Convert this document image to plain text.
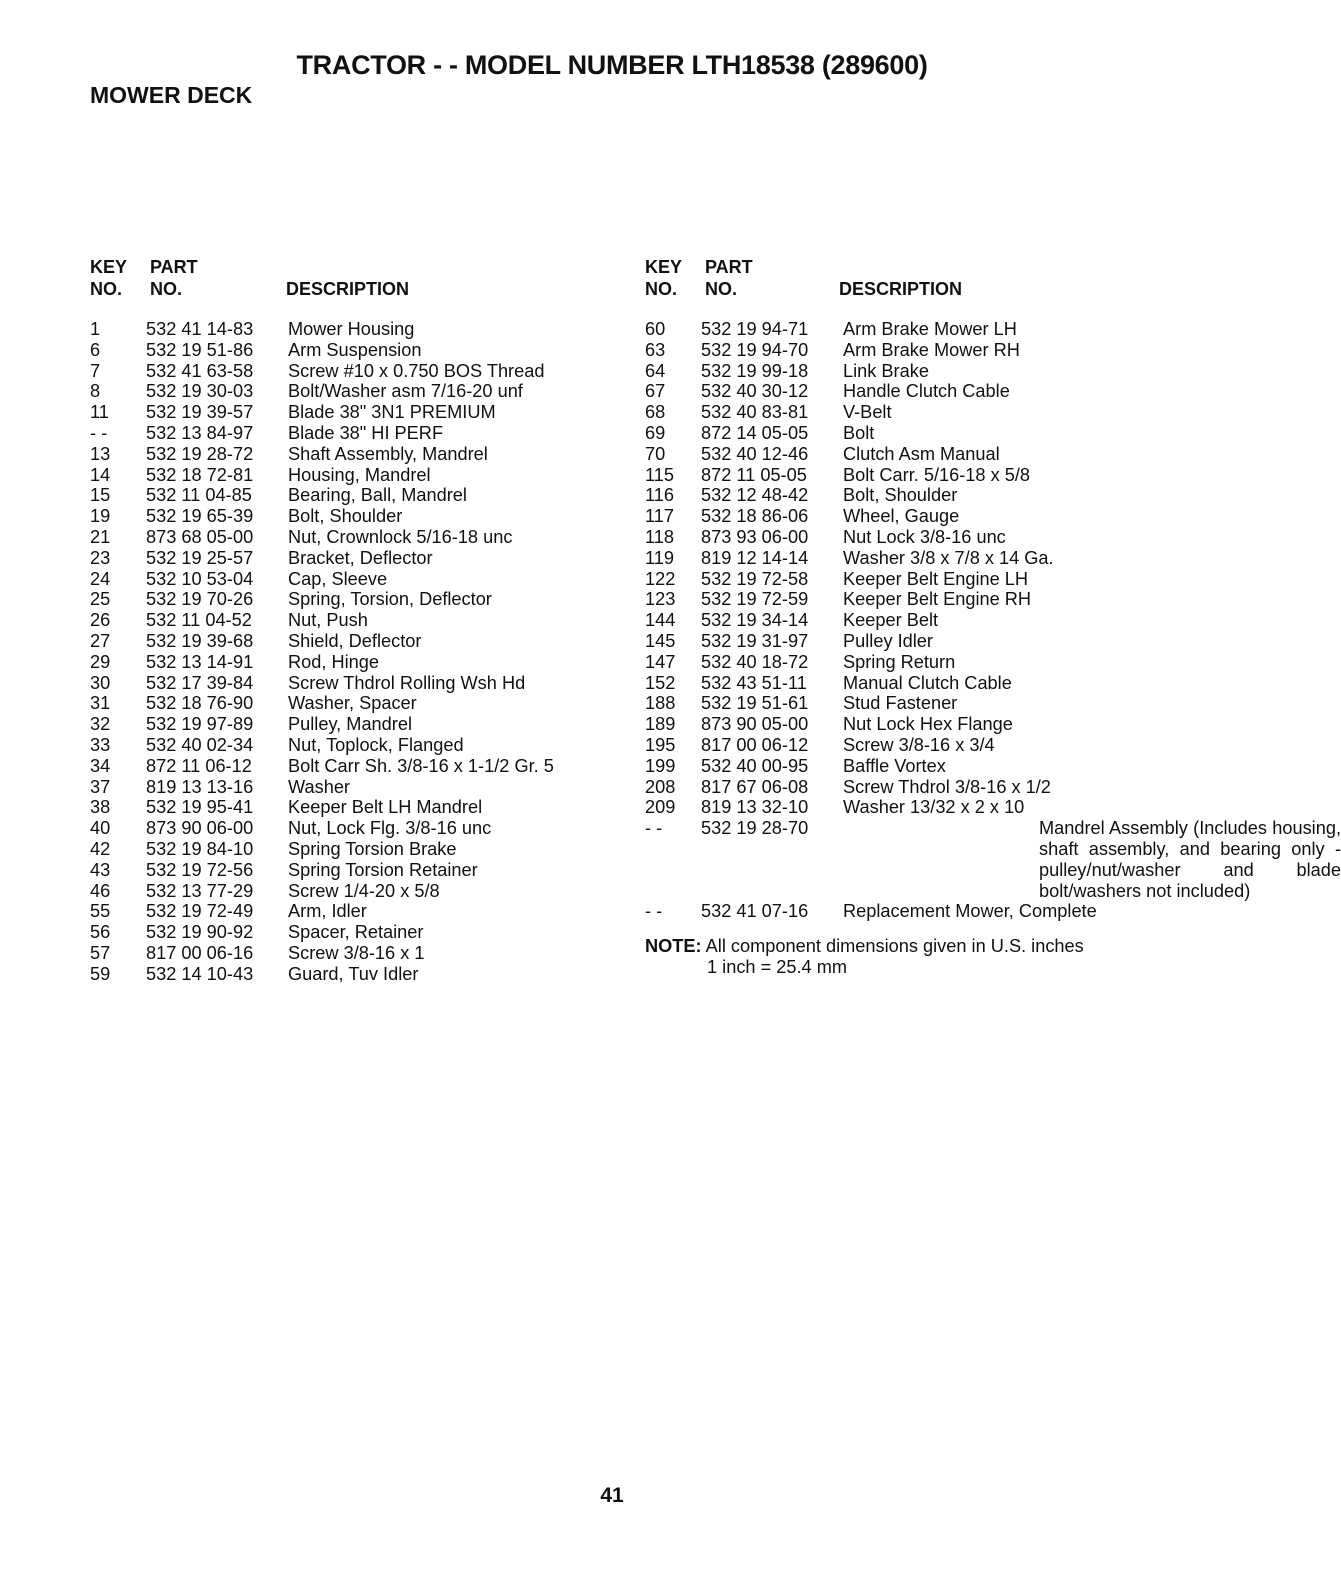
TRACTOR - - MODEL NUMBER LTH18538 (289600)
MOWER DECK
KEY
NO.
PART
NO.	DESCRIPTION
1	532 41 14-83 Mower Housing
6	532 19 51-86 Arm Suspension
7	532 41 63-58 Screw #10 x 0.750 BOS Thread
8	532 19 30-03 Bolt/Washer asm 7/16-20 unf
11 532 19 39-57 Blade 38" 3N1 PREMIUM
- - 532 13 84-97 Blade 38" HI PERF
13 532 19 28-72 Shaft Assembly, Mandrel
14 532 18 72-81 Housing, Mandrel
15 532 11 04-85 Bearing, Ball, Mandrel
19 532 19 65-39 Bolt, Shoulder
21 873 68 05-00 Nut, Crownlock 5/16-18 unc
23 532 19 25-57 Bracket, Deflector
24 532 10 53-04 Cap, Sleeve
25 532 19 70-26 Spring, Torsion, Deflector
26 532 11 04-52 Nut, Push
27 532 19 39-68 Shield, Deflector
29 532 13 14-91 Rod, Hinge
30 532 17 39-84 Screw Thdrol Rolling Wsh Hd
31 532 18 76-90 Washer, Spacer
32 532 19 97-89 Pulley, Mandrel
33 532 40 02-34 Nut, Toplock, Flanged
34 872 11 06-12 Bolt Carr Sh. 3/8-16 x 1-1/2 Gr. 5
37 819 13 13-16 Washer
38 532 19 95-41 Keeper Belt LH Mandrel
40 873 90 06-00 Nut, Lock Flg. 3/8-16 unc
42 532 19 84-10 Spring Torsion Brake
43 532 19 72-56 Spring Torsion Retainer
46 532 13 77-29 Screw 1/4-20 x 5/8
55 532 19 72-49 Arm, Idler
56 532 19 90-92 Spacer, Retainer
57 817 00 06-16 Screw 3/8-16 x 1
59 532 14 10-43 Guard, Tuv Idler
KEY
NO.
PART
NO.	DESCRIPTION
60 532 19 94-71 Arm Brake Mower LH
63 532 19 94-70 Arm Brake Mower RH
64 532 19 99-18 Link Brake
67 532 40 30-12 Handle Clutch Cable
68 532 40 83-81 V-Belt
69 872 14 05-05 Bolt
70 532 40 12-46 Clutch Asm Manual
115 872 11 05-05 Bolt Carr. 5/16-18 x 5/8
116 532 12 48-42 Bolt, Shoulder
117 532 18 86-06 Wheel, Gauge
118 873 93 06-00 Nut Lock 3/8-16 unc
119 819 12 14-14 Washer 3/8 x 7/8 x 14 Ga.
122 532 19 72-58 Keeper Belt Engine LH
123 532 19 72-59 Keeper Belt Engine RH
144 532 19 34-14 Keeper Belt
145 532 19 31-97 Pulley Idler
147 532 40 18-72 Spring Return
152 532 43 51-11 Manual Clutch Cable
188 532 19 51-61 Stud Fastener
189 873 90 05-00 Nut Lock Hex Flange
195 817 00 06-12 Screw 3/8-16 x 3/4
199 532 40 00-95 Baffle Vortex
208 817 67 06-08 Screw Thdrol 3/8-16 x 1/2
209 819 13 32-10 Washer 13/32 x 2 x 10
- - 532 19 28-70	Mandrel Assembly (Includes housing, shaft assembly, and bearing only - pulley/nut/washer and blade bolt/washers not included)
- - 532 41 07-16 Replacement Mower, Complete
NOTE: All component dimensions given in U.S. inches
1 inch = 25.4 mm
41
